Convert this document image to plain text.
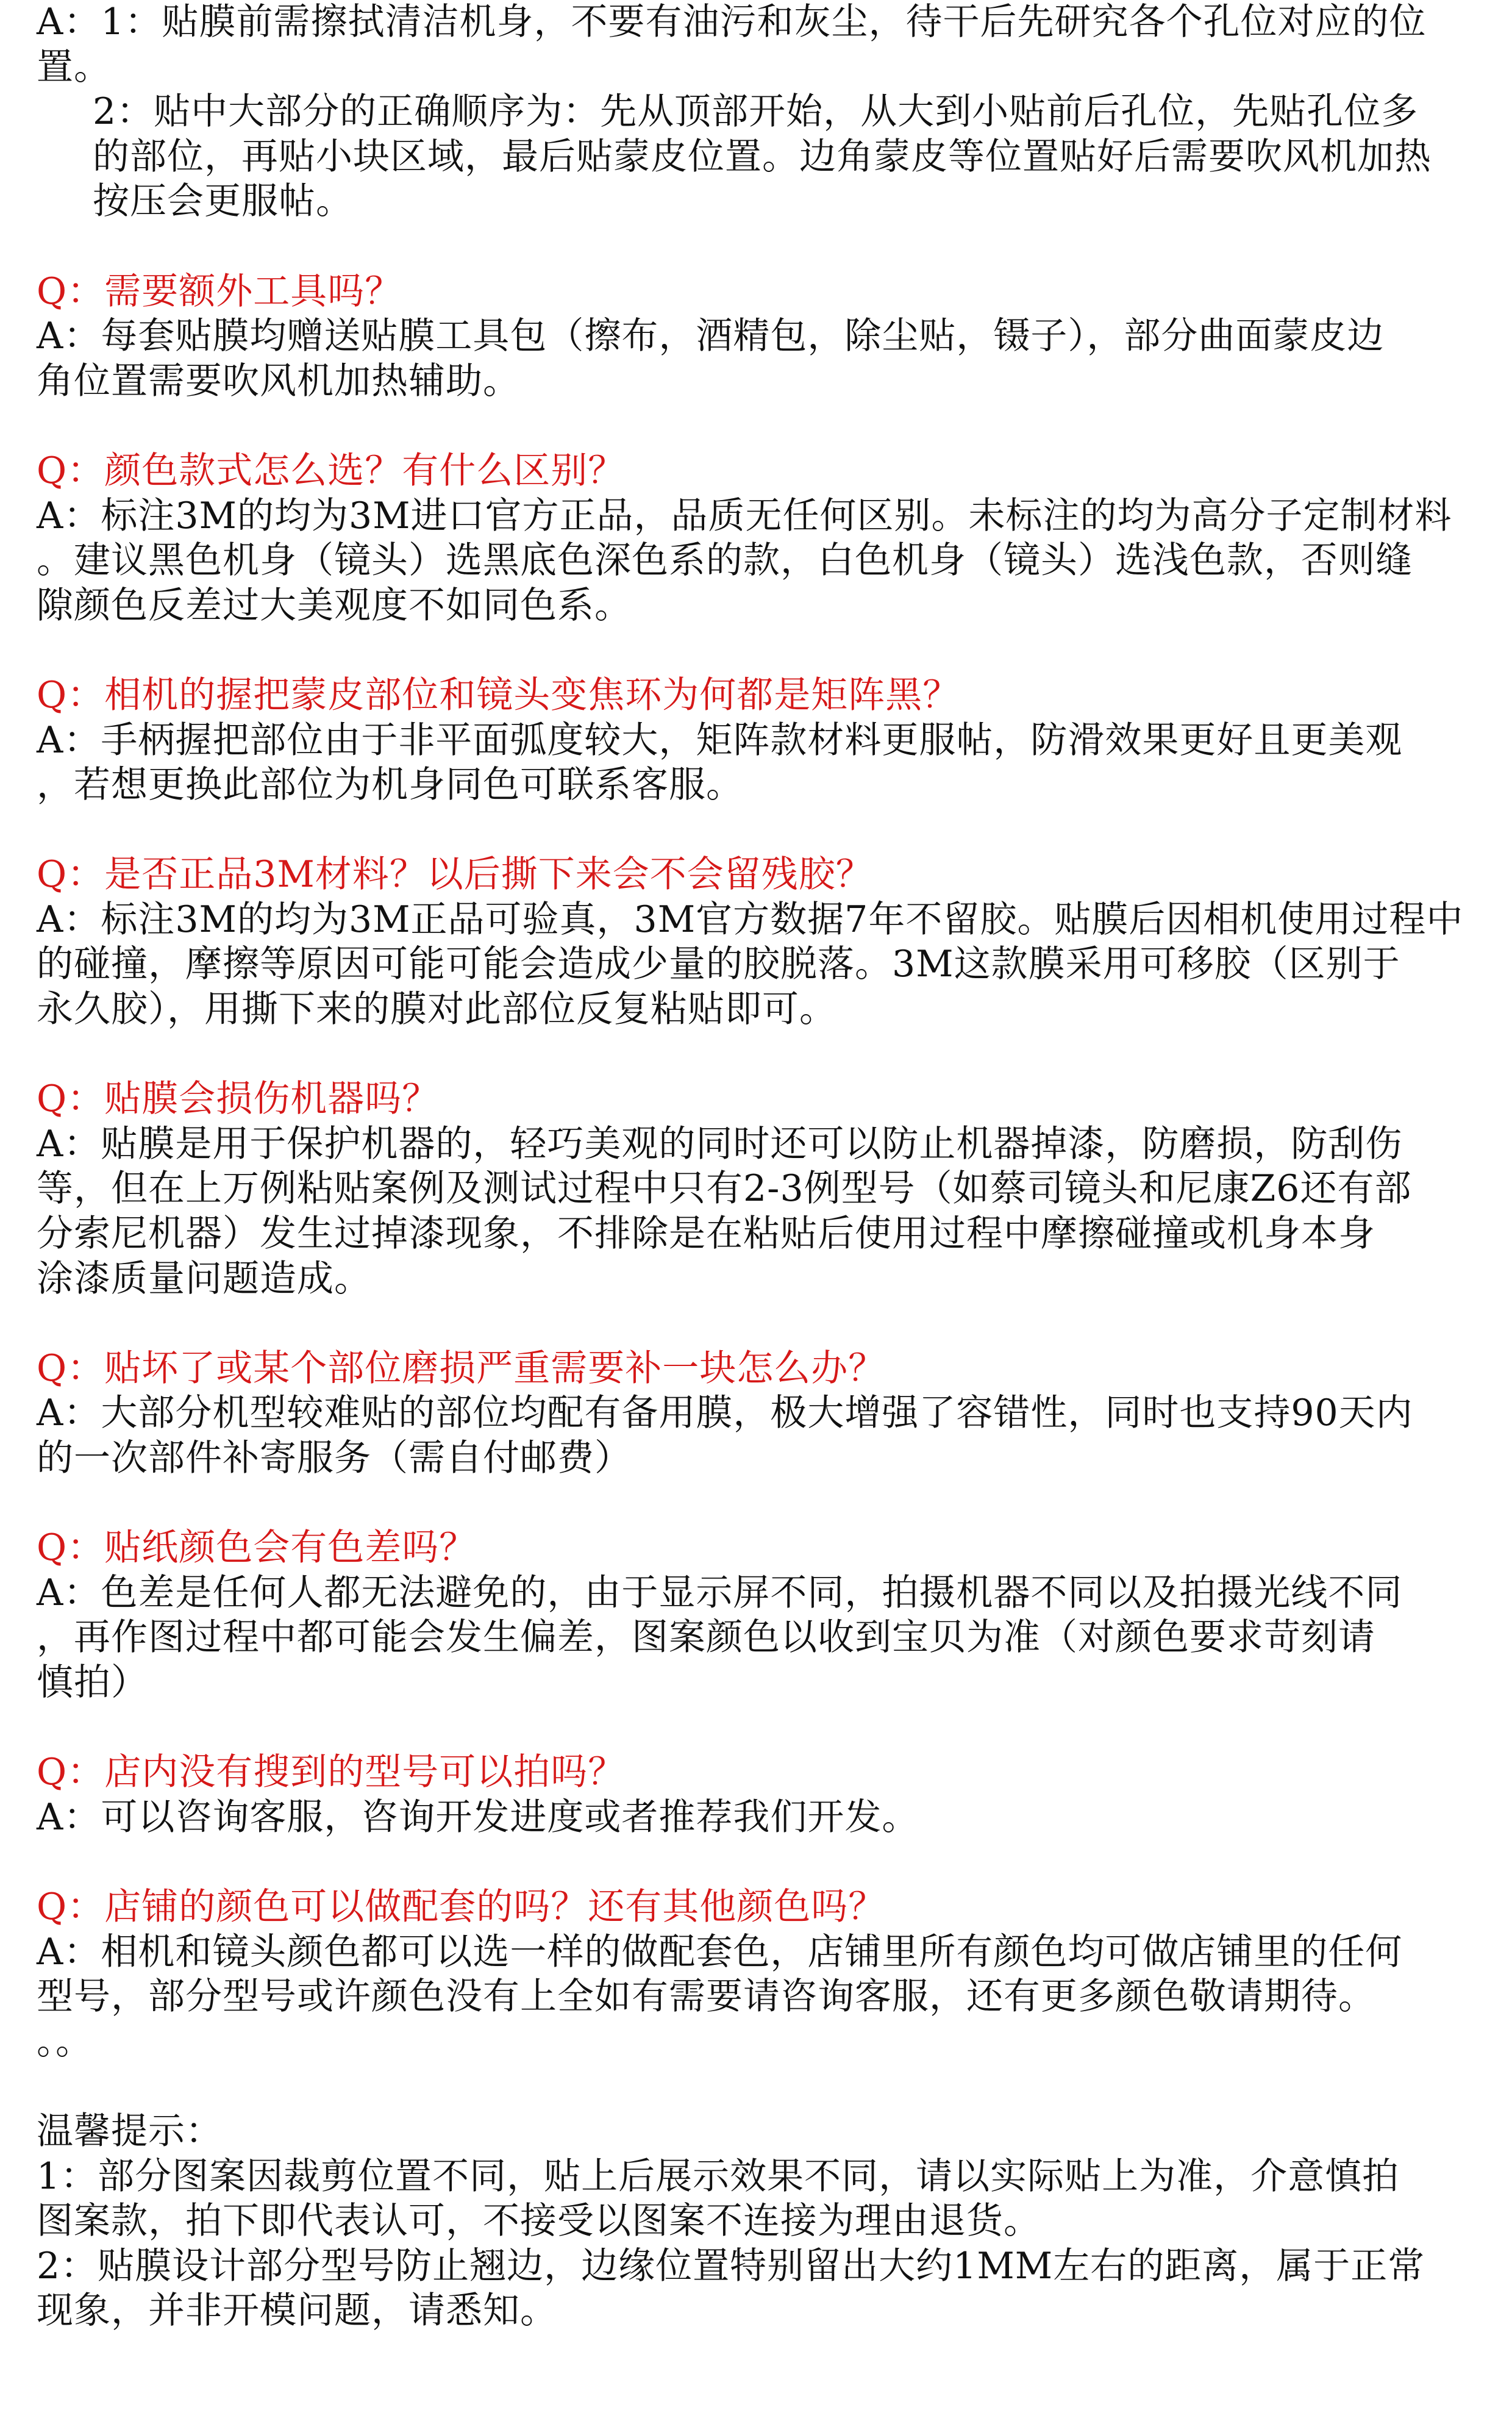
A：1：贴膜前需擦拭清洁机身，不要有油污和灰尘，待干后先研究各个孔位对应的位
置。
2：贴中大部分的正确顺序为：先从顶部开始，从大到小贴前后孔位，先贴孔位多
的部位，再贴小块区域，最后贴蒙皮位置。边角蒙皮等位置贴好后需要吹风机加热
按压会更服帖。
Q：需要额外工具吗？
A：每套贴膜均赠送贴膜工具包（擦布，酒精包，除尘贴，镊子），部分曲面蒙皮边
角位置需要吹风机加热辅助。
Q：颜色款式怎么选？有什么区别？
A：标注3M的均为3M进口官方正品，品质无任何区别。未标注的均为高分子定制材料
。建议黑色机身（镜头）选黑底色深色系的款，白色机身（镜头）选浅色款，否则缝
隙颜色反差过大美观度不如同色系。
Q：相机的握把蒙皮部位和镜头变焦环为何都是矩阵黑？
A：手柄握把部位由于非平面弧度较大，矩阵款材料更服帖，防滑效果更好且更美观
，若想更换此部位为机身同色可联系客服。
Q：是否正品3M材料？以后撕下来会不会留残胶？
A：标注3M的均为3M正品可验真，3M官方数据7年不留胶。贴膜后因相机使用过程中
的碰撞，摩擦等原因可能可能会造成少量的胶脱落。3M这款膜采用可移胶（区别于
永久胶），用撕下来的膜对此部位反复粘贴即可。
Q：贴膜会损伤机器吗？
A：贴膜是用于保护机器的，轻巧美观的同时还可以防止机器掉漆，防磨损，防刮伤
等，但在上万例粘贴案例及测试过程中只有2-3例型号（如蔡司镜头和尼康Z6还有部
分索尼机器）发生过掉漆现象，不排除是在粘贴后使用过程中摩擦碰撞或机身本身
涂漆质量问题造成。
Q：贴坏了或某个部位磨损严重需要补一块怎么办？
A：大部分机型较难贴的部位均配有备用膜，极大增强了容错性，同时也支持90天内
的一次部件补寄服务（需自付邮费）
Q：贴纸颜色会有色差吗？
A：色差是任何人都无法避免的，由于显示屏不同，拍摄机器不同以及拍摄光线不同
，再作图过程中都可能会发生偏差，图案颜色以收到宝贝为准（对颜色要求苛刻请
慎拍）
Q：店内没有搜到的型号可以拍吗？
A：可以咨询客服，咨询开发进度或者推荐我们开发。
Q：店铺的颜色可以做配套的吗？还有其他颜色吗？
A：相机和镜头颜色都可以选一样的做配套色，店铺里所有颜色均可做店铺里的任何
型号，部分型号或许颜色没有上全如有需要请咨询客服，还有更多颜色敬请期待。
。。
温馨提示：
1：部分图案因裁剪位置不同，贴上后展示效果不同，请以实际贴上为准，介意慎拍
图案款，拍下即代表认可，不接受以图案不连接为理由退货。
2：贴膜设计部分型号防止翘边，边缘位置特别留出大约1MM左右的距离，属于正常
现象，并非开模问题，请悉知。
